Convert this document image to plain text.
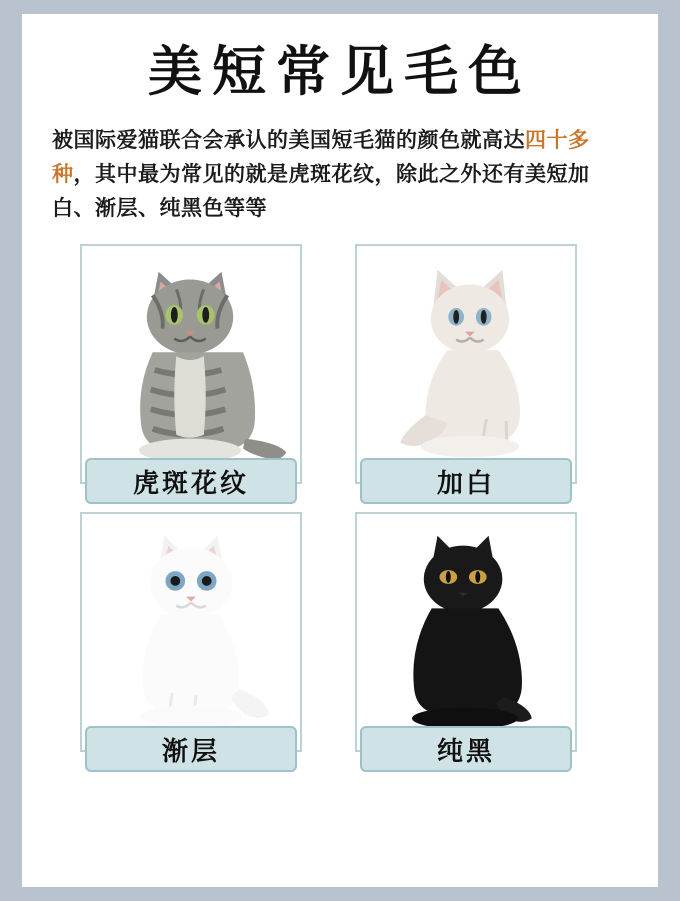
美短常见毛色

被国际爱猫联合会承认的美国短毛猫的颜色就高达四十多种，其中最为常见的就是虎斑花纹，除此之外还有美短加白、渐层、纯黑色等等

虎斑花纹	加白
渐层	纯黑
